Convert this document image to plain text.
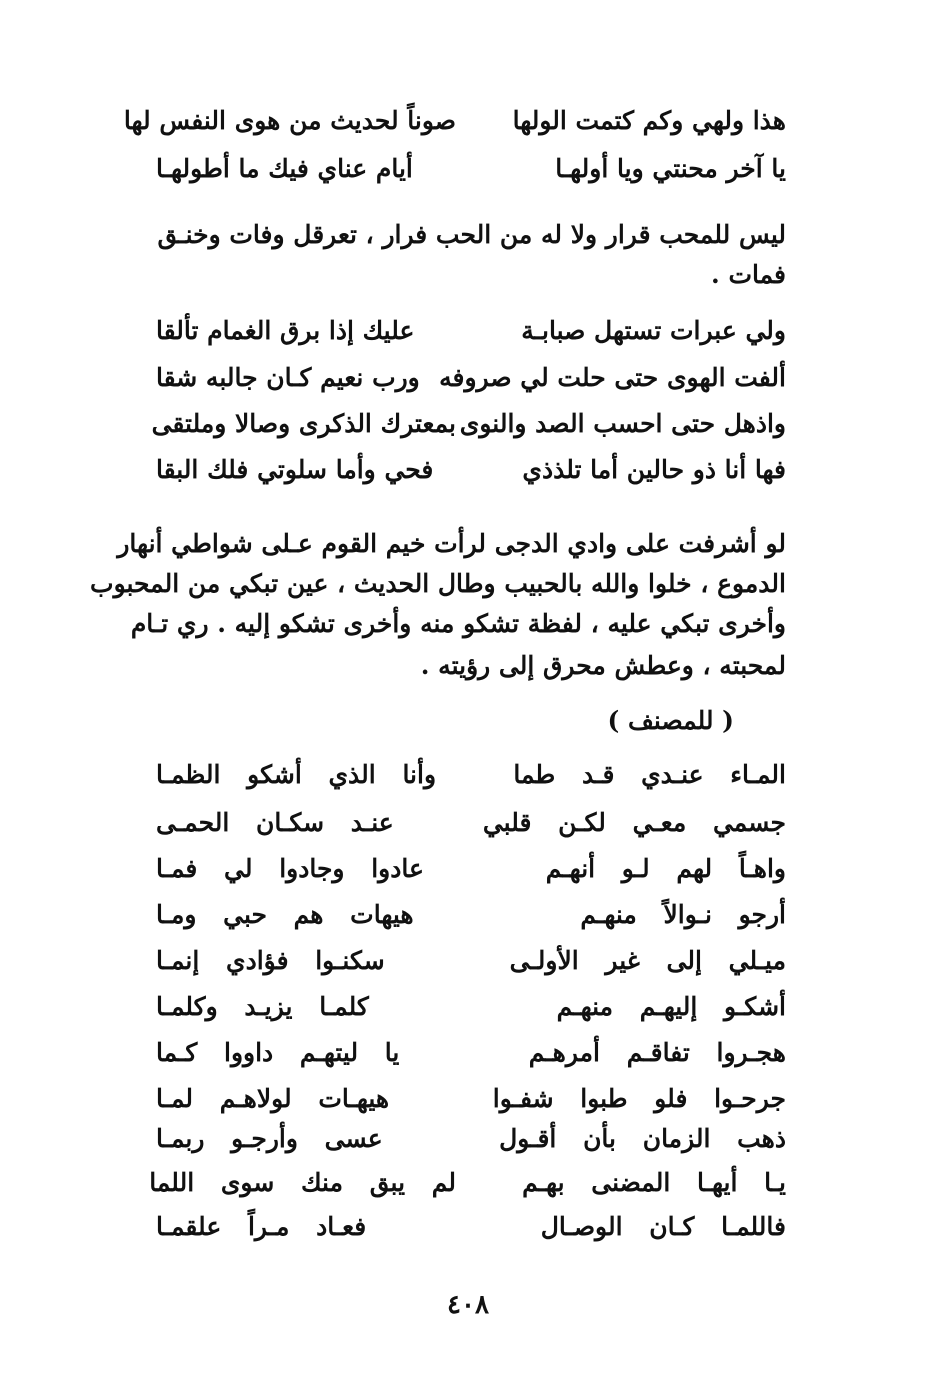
هذا ولهي وكم كتمت الولها
صوناً لحديث من هوى النفس لها
يا آخر محنتي ويا أولهـا
أيام عناي فيك ما أطولهـا
ليس للمحب قرار ولا له من الحب فرار ، تعرقل وفات وخنـق
فمات .
ولي عبرات تستهل صبابـة
عليك إذا برق الغمام تألقا
ألفت الهوى حتى حلت لي صروفه
ورب نعيم كـان جالبه شقا
واذهل حتى احسب الصد والنوى
بمعترك الذكرى وصالا وملتقى
فها أنا ذو حالين أما تلذذي
فحي وأما سلوتي فلك البقا
لو أشرفت على وادي الدجى لرأت خيم القوم عـلى شواطي أنهار
الدموع ، خلوا والله بالحبيب وطال الحديث ، عين تبكي من المحبوب
وأخرى تبكي عليه ، لفظة تشكو منه وأخرى تشكو إليه . ري تـام
لمحبته ، وعطش محرق إلى رؤيته .
( للمصنف )
المـاء عنـدي قـد طما
وأنا الذي أشكو الظمـا
جسمي معـي لكـن قلبي
عنـد سكـان الحمـى
واهـاً لهم لـو أنهـم
عادوا وجادوا لي فمـا
أرجو نـوالاً منهـم
هيهات هم حبي ومـا
ميـلي إلى غير الأولـى
سكنـوا فؤادي إنمـا
أشكـو إليهـم منهـم
كلمـا يزيـد وكلمـا
هجـروا تفاقـم أمرهـم
يا ليتهـم داووا كـما
جرحـوا فلو طبوا شفـوا
هيهـات لولاهـم لمـا
ذهب الزمان بأن أقـول
عسى وأرجـو ربمـا
يـا أيهـا المضنى بهـم
لم يبق منك سوى اللما
فاللمـا كـان الوصـال
فعـاد مـراً علقمـا
٤٠٨
